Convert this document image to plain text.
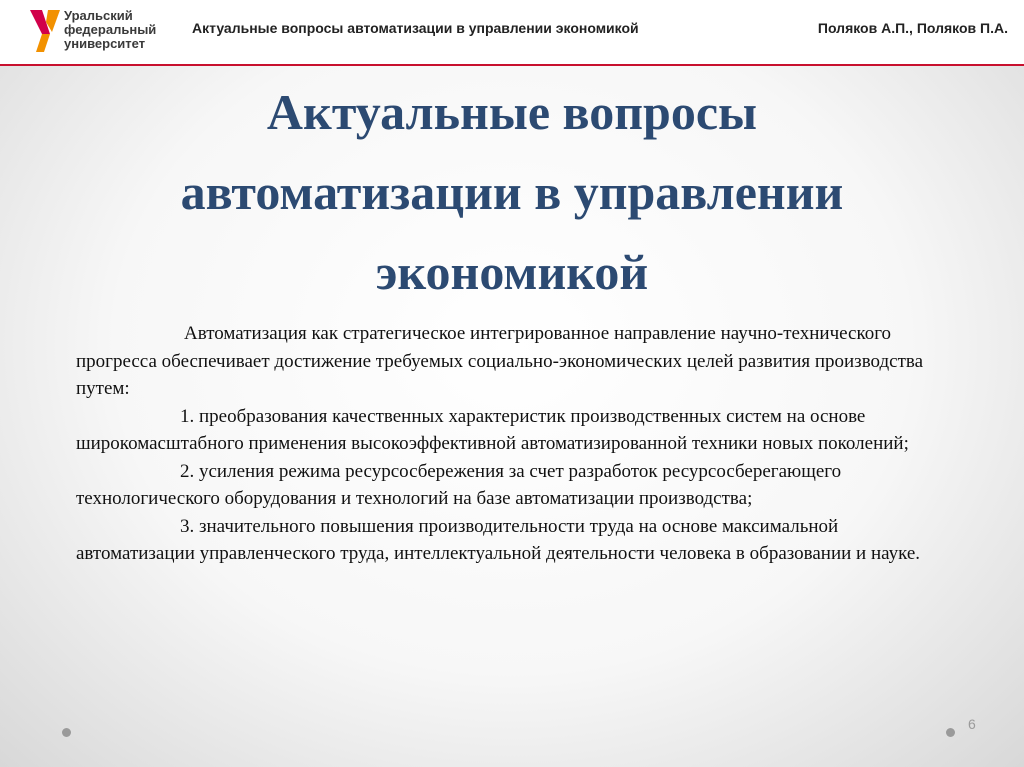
Уральский
федеральный
университет
Актуальные вопросы автоматизации в управлении экономикой	Поляков А.П., Поляков П.А.
Актуальные вопросы
автоматизации в управлении
экономикой

Автоматизация как стратегическое интегрированное направление научно-технического прогресса обеспечивает достижение требуемых социально-экономических целей развития производства путем:

1. преобразования качественных характеристик производственных систем на основе широкомасштабного применения высокоэффективной автоматизированной техники новых поколений;

2. усиления режима ресурсосбережения за счет разработок ресурсосберегающего технологического оборудования и технологий на базе автоматизации производства;

3. значительного повышения производительности труда на основе максимальной автоматизации управленческого труда, интеллектуальной деятельности человека в образовании и науке.

6
